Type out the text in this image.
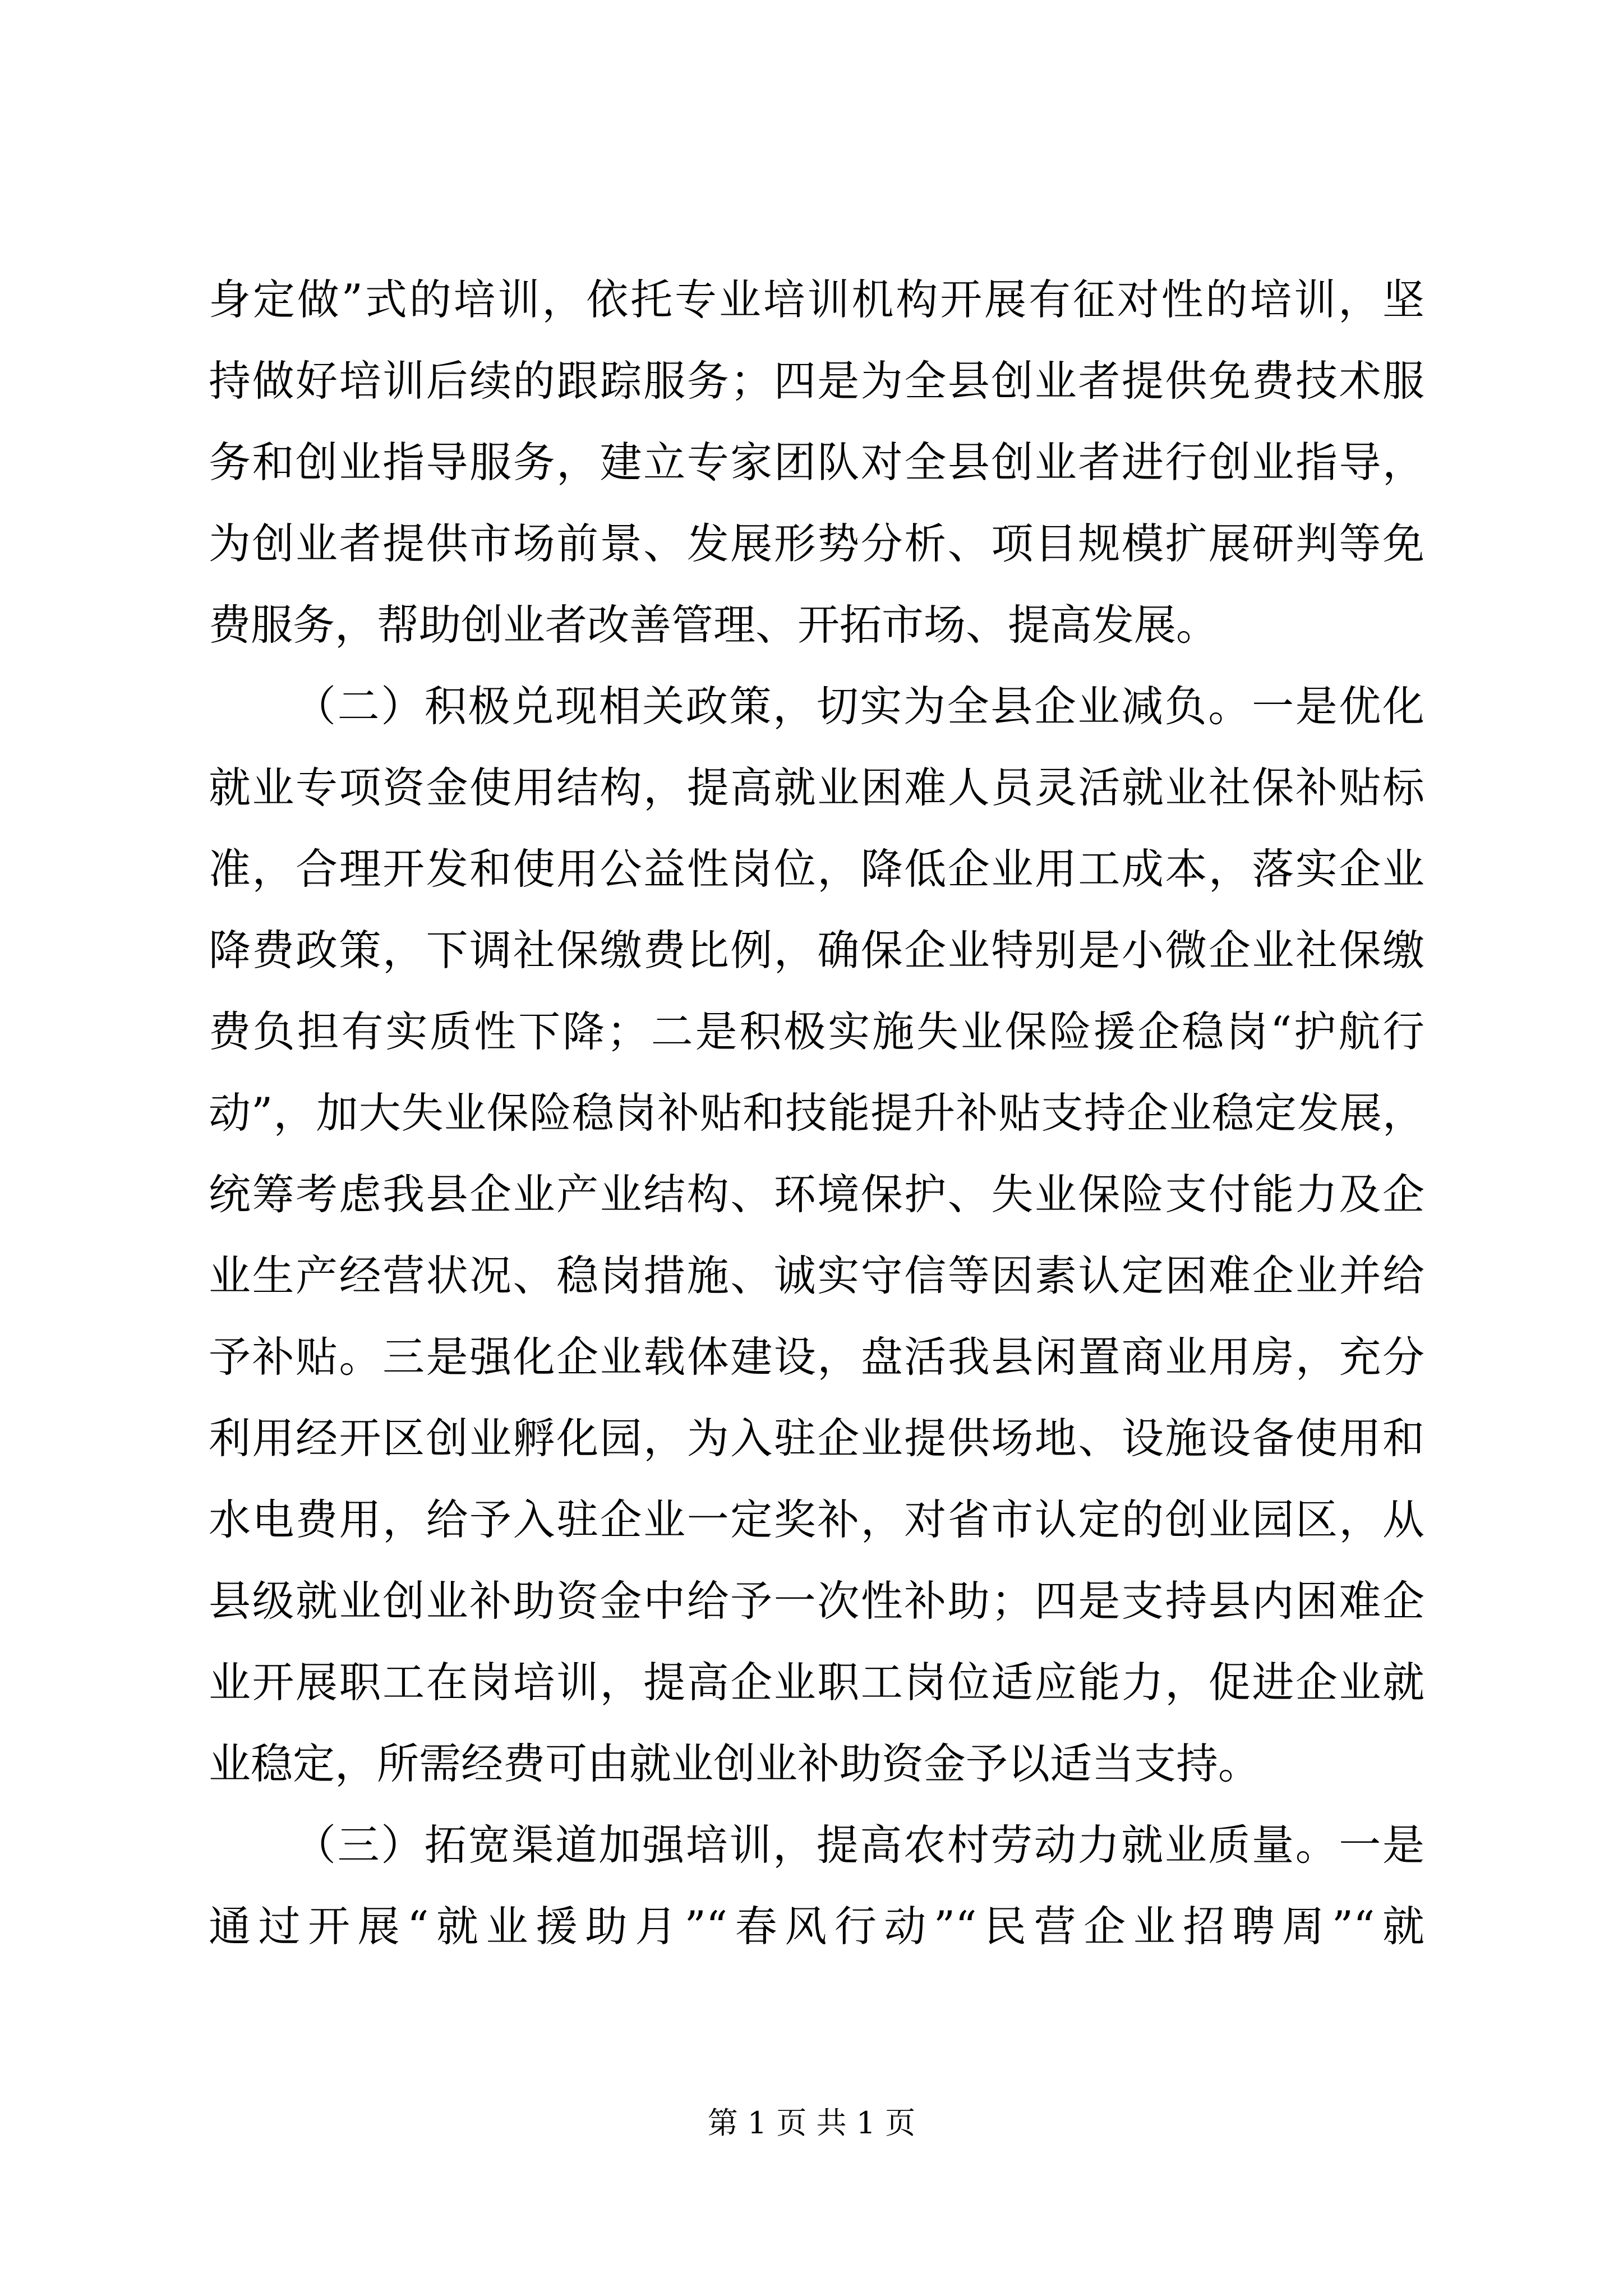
身定做”式的培训，依托专业培训机构开展有征对性的培训，坚
持做好培训后续的跟踪服务；四是为全县创业者提供免费技术服
务和创业指导服务，建立专家团队对全县创业者进行创业指导，
为创业者提供市场前景、发展形势分析、项目规模扩展研判等免
费服务，帮助创业者改善管理、开拓市场、提高发展。
（二）积极兑现相关政策，切实为全县企业减负。一是优化
就业专项资金使用结构，提高就业困难人员灵活就业社保补贴标
准，合理开发和使用公益性岗位，降低企业用工成本，落实企业
降费政策，下调社保缴费比例，确保企业特别是小微企业社保缴
费负担有实质性下降；二是积极实施失业保险援企稳岗“护航行
动”，加大失业保险稳岗补贴和技能提升补贴支持企业稳定发展，
统筹考虑我县企业产业结构、环境保护、失业保险支付能力及企
业生产经营状况、稳岗措施、诚实守信等因素认定困难企业并给
予补贴。三是强化企业载体建设，盘活我县闲置商业用房，充分
利用经开区创业孵化园，为入驻企业提供场地、设施设备使用和
水电费用，给予入驻企业一定奖补，对省市认定的创业园区，从
县级就业创业补助资金中给予一次性补助；四是支持县内困难企
业开展职工在岗培训，提高企业职工岗位适应能力，促进企业就
业稳定，所需经费可由就业创业补助资金予以适当支持。
（三）拓宽渠道加强培训，提高农村劳动力就业质量。一是
通过开展“就业援助月”“春风行动”“民营企业招聘周”“就
第 1 页 共 1 页
